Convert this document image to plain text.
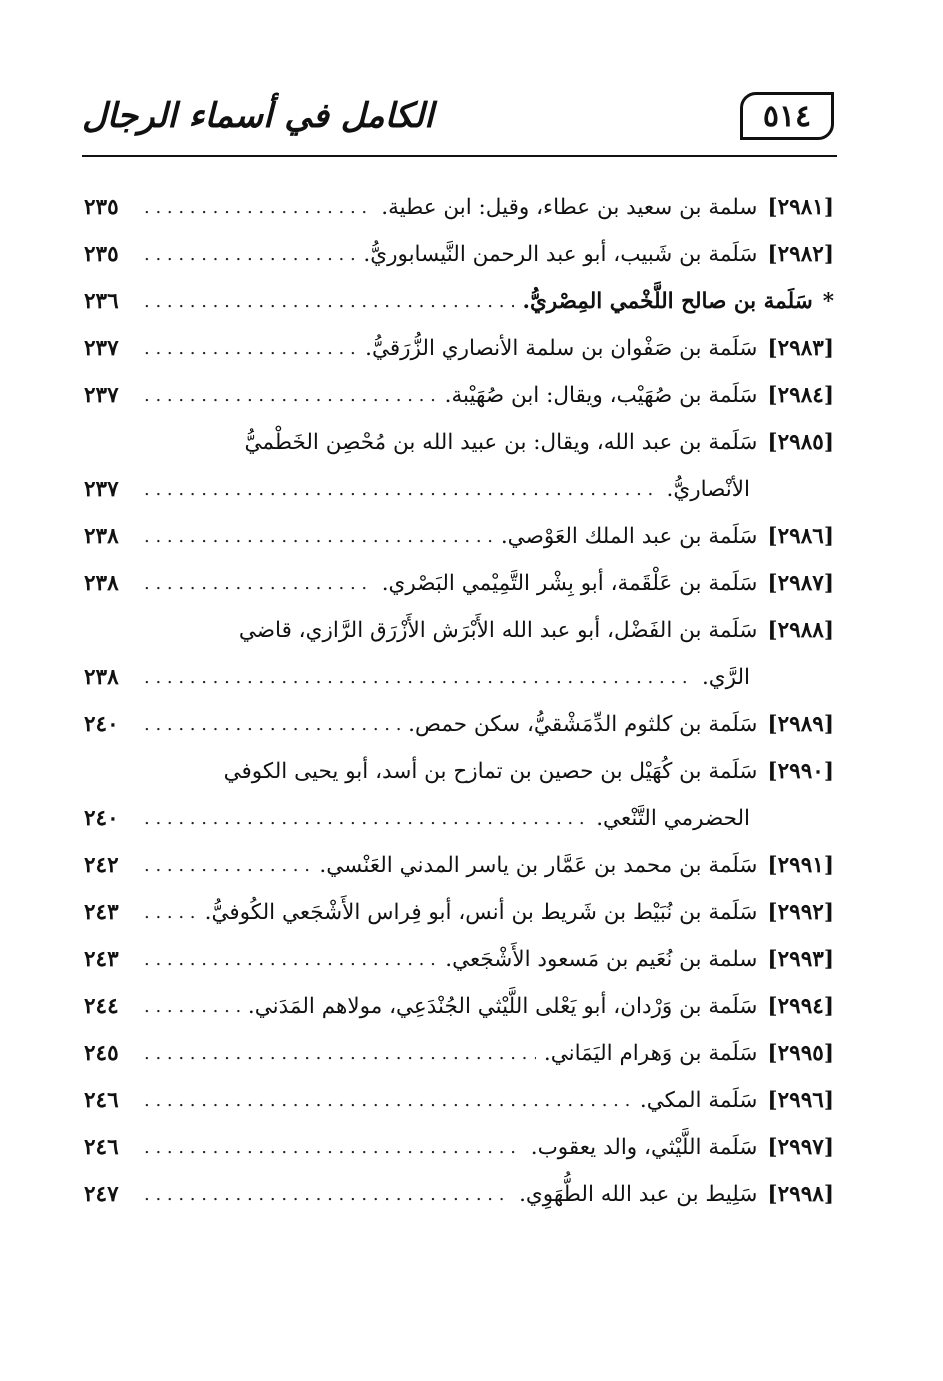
الكامل في أسماء الرجال	٥١٤
[٢٩٨١]
سلمة بن سعيد بن عطاء، وقيل: ابن عطية.
. . .
٢٣٥
[٢٩٨٢]
سَلَمة بن شَبيب، أبو عبد الرحمن النَّيسابوريُّ.
. . .
٢٣٥
*
سَلَمة بن صالح اللَّخْمي المِصْريُّ.
. . .
٢٣٦
[٢٩٨٣]
سَلَمة بن صَفْوان بن سلمة الأنصاري الزُّرَقيُّ.
. . .
٢٣٧
[٢٩٨٤]
سَلَمة بن صُهَيْب، ويقال: ابن صُهَيْبة.
. . .
٢٣٧
[٢٩٨٥]
سَلَمة بن عبد الله، ويقال: بن عبيد الله بن مُحْصِن الخَطْميُّ
الأنْصاريُّ.
. . .
٢٣٧
[٢٩٨٦]
سَلَمة بن عبد الملك العَوْصي.
. . .
٢٣٨
[٢٩٨٧]
سَلَمة بن عَلْقَمة، أبو بِشْر التَّمِيْمي البَصْري.
. . .
٢٣٨
[٢٩٨٨]
سَلَمة بن الفَضْل، أبو عبد الله الأَبْرَش الأَزْرَق الرَّازي، قاضي
الرَّي.
. . .
٢٣٨
[٢٩٨٩]
سَلَمة بن كلثوم الدِّمَشْقيُّ، سكن حمص.
. . .
٢٤٠
[٢٩٩٠]
سَلَمة بن كُهَيْل بن حصين بن تمازح بن أسد، أبو يحيى الكوفي
الحضرمي التَّنْعي.
. . .
٢٤٠
[٢٩٩١]
سَلَمة بن محمد بن عَمَّار بن ياسر المدني العَنْسي.
. . .
٢٤٢
[٢٩٩٢]
سَلَمة بن نُبَيْط بن شَريط بن أنس، أبو فِراس الأَشْجَعي الكُوفيُّ.
. . .
٢٤٣
[٢٩٩٣]
سلمة بن نُعَيم بن مَسعود الأَشْجَعي.
. . .
٢٤٣
[٢٩٩٤]
سَلَمة بن وَرْدان، أبو يَعْلى اللَّيْثي الجُنْدَعِي، مولاهم المَدَني.
. . .
٢٤٤
[٢٩٩٥]
سَلَمة بن وَهرام اليَمَاني.
. . .
٢٤٥
[٢٩٩٦]
سَلَمة المكي.
. . .
٢٤٦
[٢٩٩٧]
سَلَمة اللَّيْثي، والد يعقوب.
. . .
٢٤٦
[٢٩٩٨]
سَلِيط بن عبد الله الطُّهَوِي.
. . .
٢٤٧
